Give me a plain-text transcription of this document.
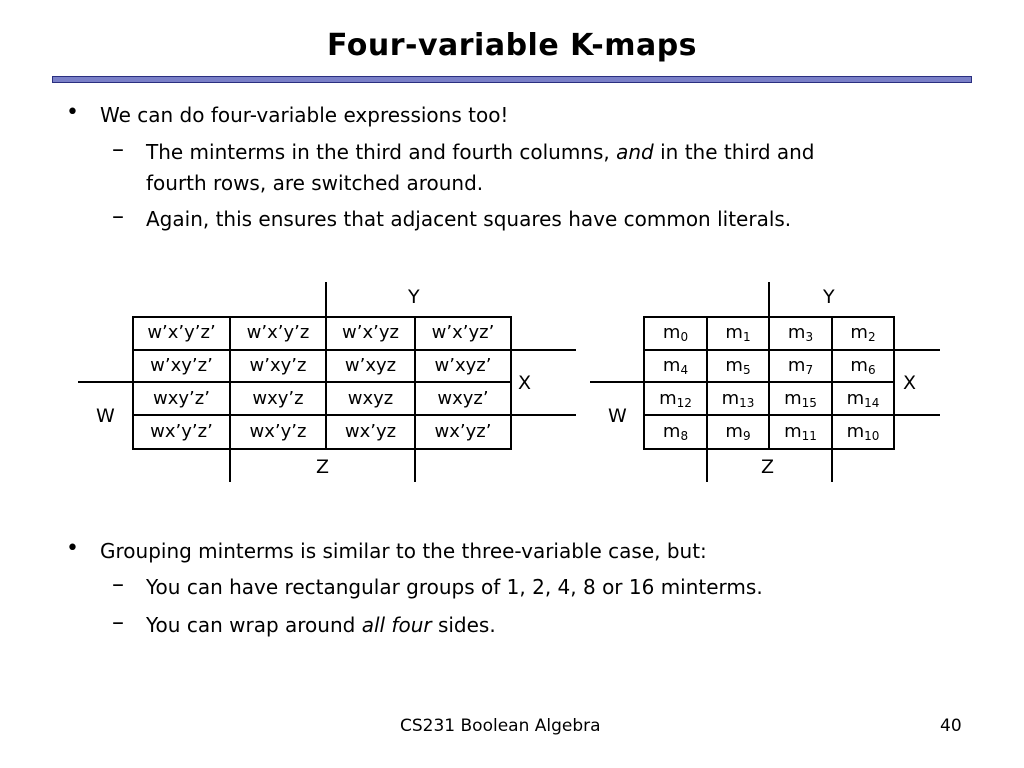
Four-variable K-maps
• We can do four-variable expressions too!
– The minterms in the third and fourth columns, and in the third and
fourth rows, are switched around.
– Again, this ensures that adjacent squares have common literals.
Y
X
W
Z
w’x’y’z’	w’x’y’z	w’x’yz	w’x’yz’
w’xy’z’	w’xy’z	w’xyz	w’xyz’
wxy’z’	wxy’z	wxyz	wxyz’
wx’y’z’	wx’y’z	wx’yz	wx’yz’
Y
X
W
Z
$m_0$	$m_1$	$m_3$	$m_2$
$m_4$	$m_5$	$m_7$	$m_6$
$m_{12}$	$m_{13}$	$m_{15}$	$m_{14}$
$m_8$	$m_9$	$m_{11}$	$m_{10}$
• Grouping minterms is similar to the three-variable case, but:
– You can have rectangular groups of 1, 2, 4, 8 or 16 minterms.
– You can wrap around all four sides.
CS231 Boolean Algebra	40
